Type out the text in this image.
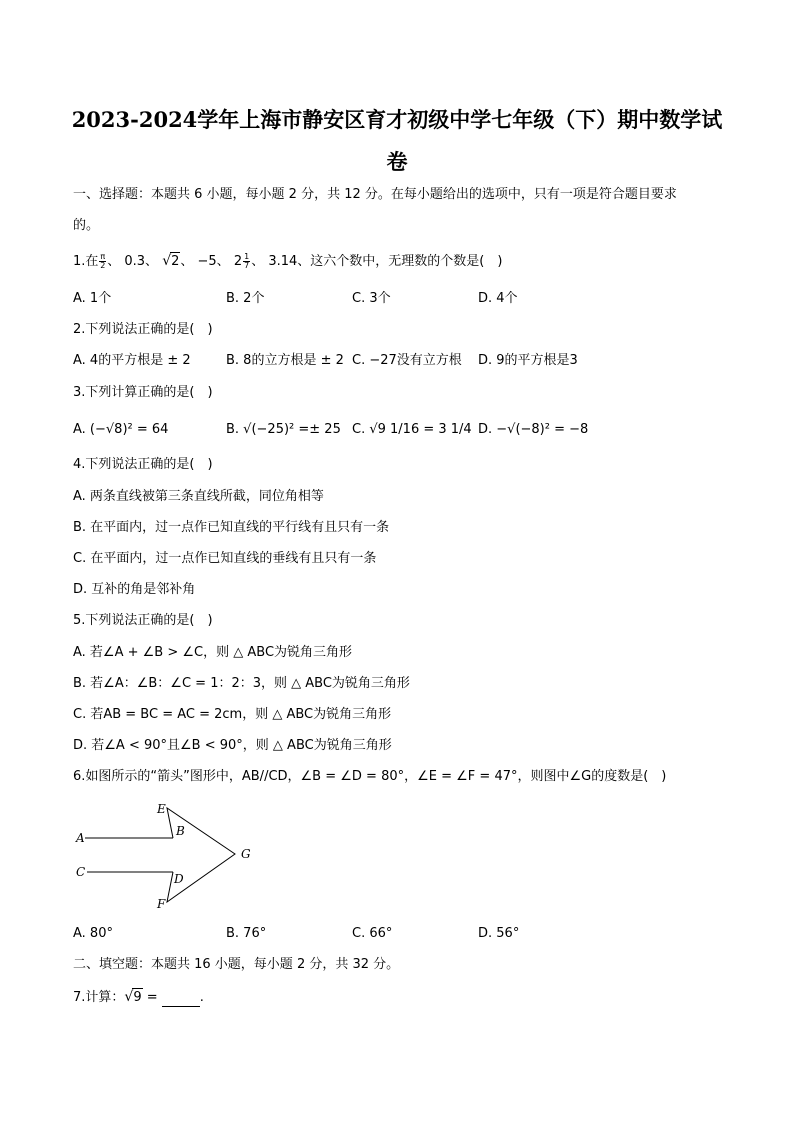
2023-2024学年上海市静安区育才初级中学七年级（下）期中数学试
卷
一、选择题：本题共 6 小题，每小题 2 分，共 12 分。在每小题给出的选项中，只有一项是符合题目要求
的。
1.在 $\frac{\pi}{2}$ 、 0.3、 √2、 −5、 $2 \frac{1}{7}$ 、 3.14、这六个数中，无理数的个数是(　)
A. 1个	B. 2个	C. 3个	D. 4个
2.下列说法正确的是(　)
A. 4的平方根是 ± 2	B. 8的立方根是 ± 2 C. −27没有立方根 D. 9的平方根是3
3.下列计算正确的是(　)
A. (−√8)² = 64	B. √(−25)² =± 25 C. √9 1/16 = 3 1/4 D. −√(−8)² = −8
4.下列说法正确的是(　)
A. 两条直线被第三条直线所截，同位角相等
B. 在平面内，过一点作已知直线的平行线有且只有一条
C. 在平面内，过一点作已知直线的垂线有且只有一条
D. 互补的角是邻补角
5.下列说法正确的是(　)
A. 若∠A + ∠B > ∠C，则 △ ABC为锐角三角形
B. 若∠A：∠B：∠C = 1：2：3，则 △ ABC为锐角三角形
C. 若AB = BC = AC = 2cm，则 △ ABC为锐角三角形
D. 若∠A < 90°且∠B < 90°，则 △ ABC为锐角三角形
6.如图所示的“箭头”图形中，AB//CD，∠B = ∠D = 80°，∠E = ∠F = 47°，则图中∠G的度数是(　)
A	B
C	D
E
F
G
A. 80°	B. 76°	C. 66°	D. 56°
二、填空题：本题共 16 小题，每小题 2 分，共 32 分。
7.计算：√9 =	.
